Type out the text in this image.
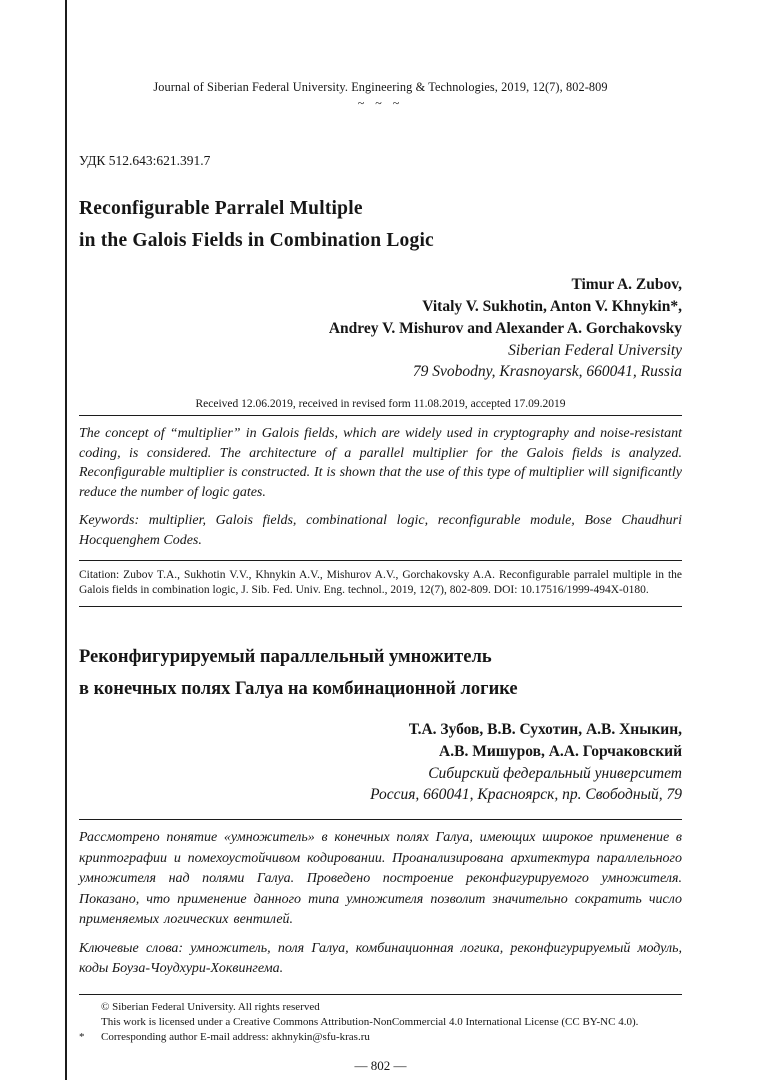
Journal of Siberian Federal University. Engineering & Technologies, 2019, 12(7), 802-809
~ ~ ~
УДК 512.643:621.391.7
Reconfigurable Parralel Multiple
in the Galois Fields in Combination Logic
Timur A. Zubov,
Vitaly V. Sukhotin, Anton V. Khnykin*,
Andrey V. Mishurov and Alexander A. Gorchakovsky
Siberian Federal University
79 Svobodny, Krasnoyarsk, 660041, Russia
Received 12.06.2019, received in revised form 11.08.2019, accepted 17.09.2019
The concept of “multiplier” in Galois fields, which are widely used in cryptography and noise-resistant coding, is considered. The architecture of a parallel multiplier for the Galois fields is analyzed. Reconfigurable multiplier is constructed. It is shown that the use of this type of multiplier will significantly reduce the number of logic gates.
Keywords: multiplier, Galois fields, combinational logic, reconfigurable module, Bose Chaudhuri Hocquenghem Codes.
Citation: Zubov T.A., Sukhotin V.V., Khnykin A.V., Mishurov A.V., Gorchakovsky A.A. Reconfigurable parralel multiple in the Galois fields in combination logic, J. Sib. Fed. Univ. Eng. technol., 2019, 12(7), 802-809. DOI: 10.17516/1999-494X-0180.
Реконфигурируемый параллельный умножитель
в конечных полях Галуа на комбинационной логике
Т.А. Зубов, В.В. Сухотин, А.В. Хныкин,
А.В. Мишуров, А.А. Горчаковский
Сибирский федеральный университет
Россия, 660041, Красноярск, пр. Свободный, 79
Рассмотрено понятие «умножитель» в конечных полях Галуа, имеющих широкое применение в криптографии и помехоустойчивом кодировании. Проанализирована архитектура параллельного умножителя над полями Галуа. Проведено построение реконфигурируемого умножителя. Показано, что применение данного типа умножителя позволит значительно сократить число применяемых логических вентилей.
Ключевые слова: умножитель, поля Галуа, комбинационная логика, реконфигурируемый модуль, коды Боуза-Чоудхури-Хоквингема.
© Siberian Federal University. All rights reserved
This work is licensed under a Creative Commons Attribution-NonCommercial 4.0 International License (CC BY-NC 4.0).
* Corresponding author E-mail address: akhnykin@sfu-kras.ru
— 802 —
